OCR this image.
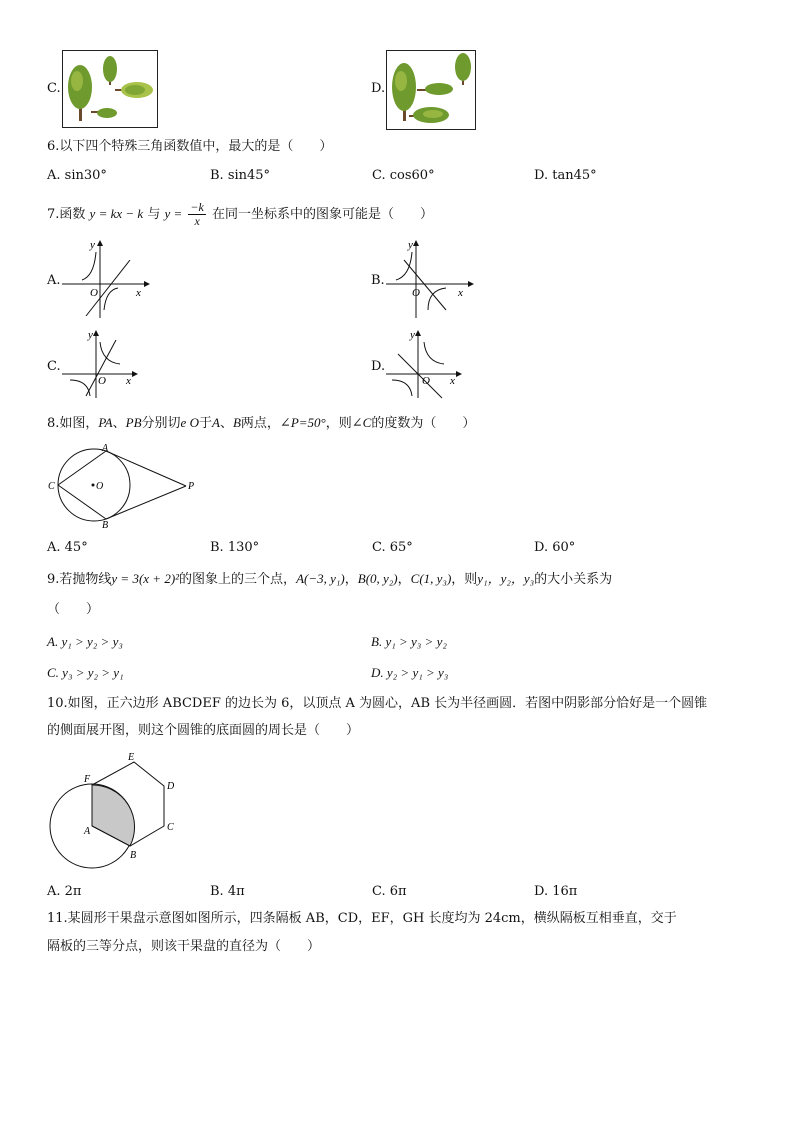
C.	D.
6.以下四个特殊三角函数值中，最大的是（　　）
A. sin30°	B. sin45°	C. cos60°	D. tan45°
7.函数 y = kx − k 与 $y = \frac{-k}{x}$ 在同一坐标系中的图象可能是（　　）
A.
y
x
O
B.
y
x
O
C.
y
x
O
D.
y
x
O
8.如图，PA、PB分别切e O于A、B两点，∠P=50°，则∠C的度数为（　　）
A
B
C	O	P
A. 45°	B. 130°	C. 65°	D. 60°
9.若抛物线y = 3(x + 2)²的图象上的三个点，A(−3, y₁)，B(0, y₂)，C(1, y₃)，则y₁，y₂，y₃的大小关系为
（　　）
A. y₁ > y₂ > y₃	B. y₁ > y₃ > y₂
C. y₃ > y₂ > y₁	D. y₂ > y₁ > y₃
10.如图，正六边形 ABCDEF 的边长为 6，以顶点 A 为圆心，AB 长为半径画圆．若图中阴影部分恰好是一个圆锥
的侧面展开图，则这个圆锥的底面圆的周长是（　　）
F
E
D
C
B
A
A. 2π	B. 4π	C. 6π	D. 16π
11.某圆形干果盘示意图如图所示，四条隔板 AB，CD，EF，GH 长度均为 24cm，横纵隔板互相垂直，交于
隔板的三等分点，则该干果盘的直径为（　　）
